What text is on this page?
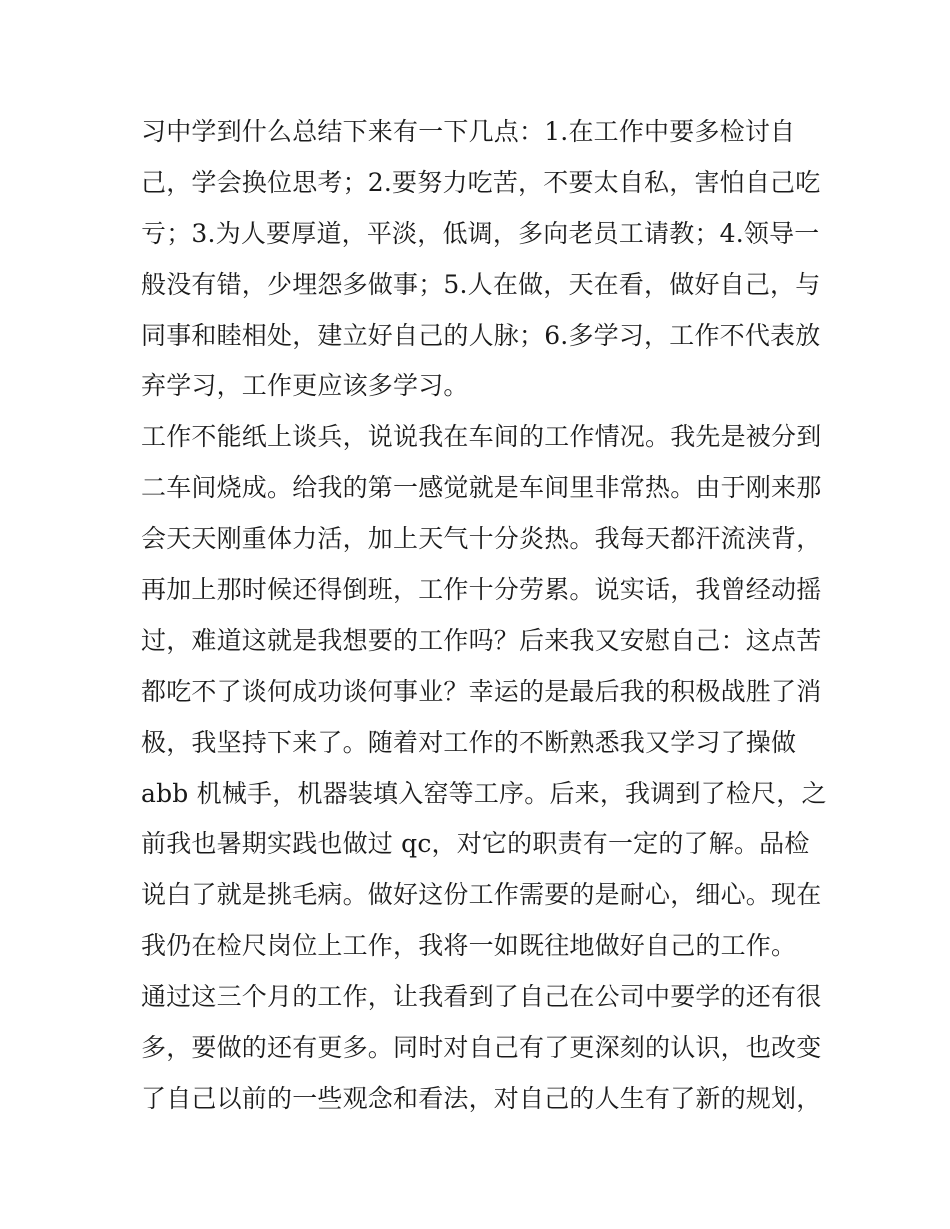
习中学到什么总结下来有一下几点：1.在工作中要多检讨自
己，学会换位思考；2.要努力吃苦，不要太自私，害怕自己吃
亏；3.为人要厚道，平淡，低调，多向老员工请教；4.领导一
般没有错，少埋怨多做事；5.人在做，天在看，做好自己，与
同事和睦相处，建立好自己的人脉；6.多学习，工作不代表放
弃学习，工作更应该多学习。
工作不能纸上谈兵，说说我在车间的工作情况。我先是被分到
二车间烧成。给我的第一感觉就是车间里非常热。由于刚来那
会天天刚重体力活，加上天气十分炎热。我每天都汗流浃背，
再加上那时候还得倒班，工作十分劳累。说实话，我曾经动摇
过，难道这就是我想要的工作吗？后来我又安慰自己：这点苦
都吃不了谈何成功谈何事业？幸运的是最后我的积极战胜了消
极，我坚持下来了。随着对工作的不断熟悉我又学习了操做
abb 机械手，机器装填入窑等工序。后来，我调到了检尺，之
前我也暑期实践也做过 qc，对它的职责有一定的了解。品检
说白了就是挑毛病。做好这份工作需要的是耐心，细心。现在
我仍在检尺岗位上工作，我将一如既往地做好自己的工作。
通过这三个月的工作，让我看到了自己在公司中要学的还有很
多，要做的还有更多。同时对自己有了更深刻的认识，也改变
了自己以前的一些观念和看法，对自己的人生有了新的规划，
